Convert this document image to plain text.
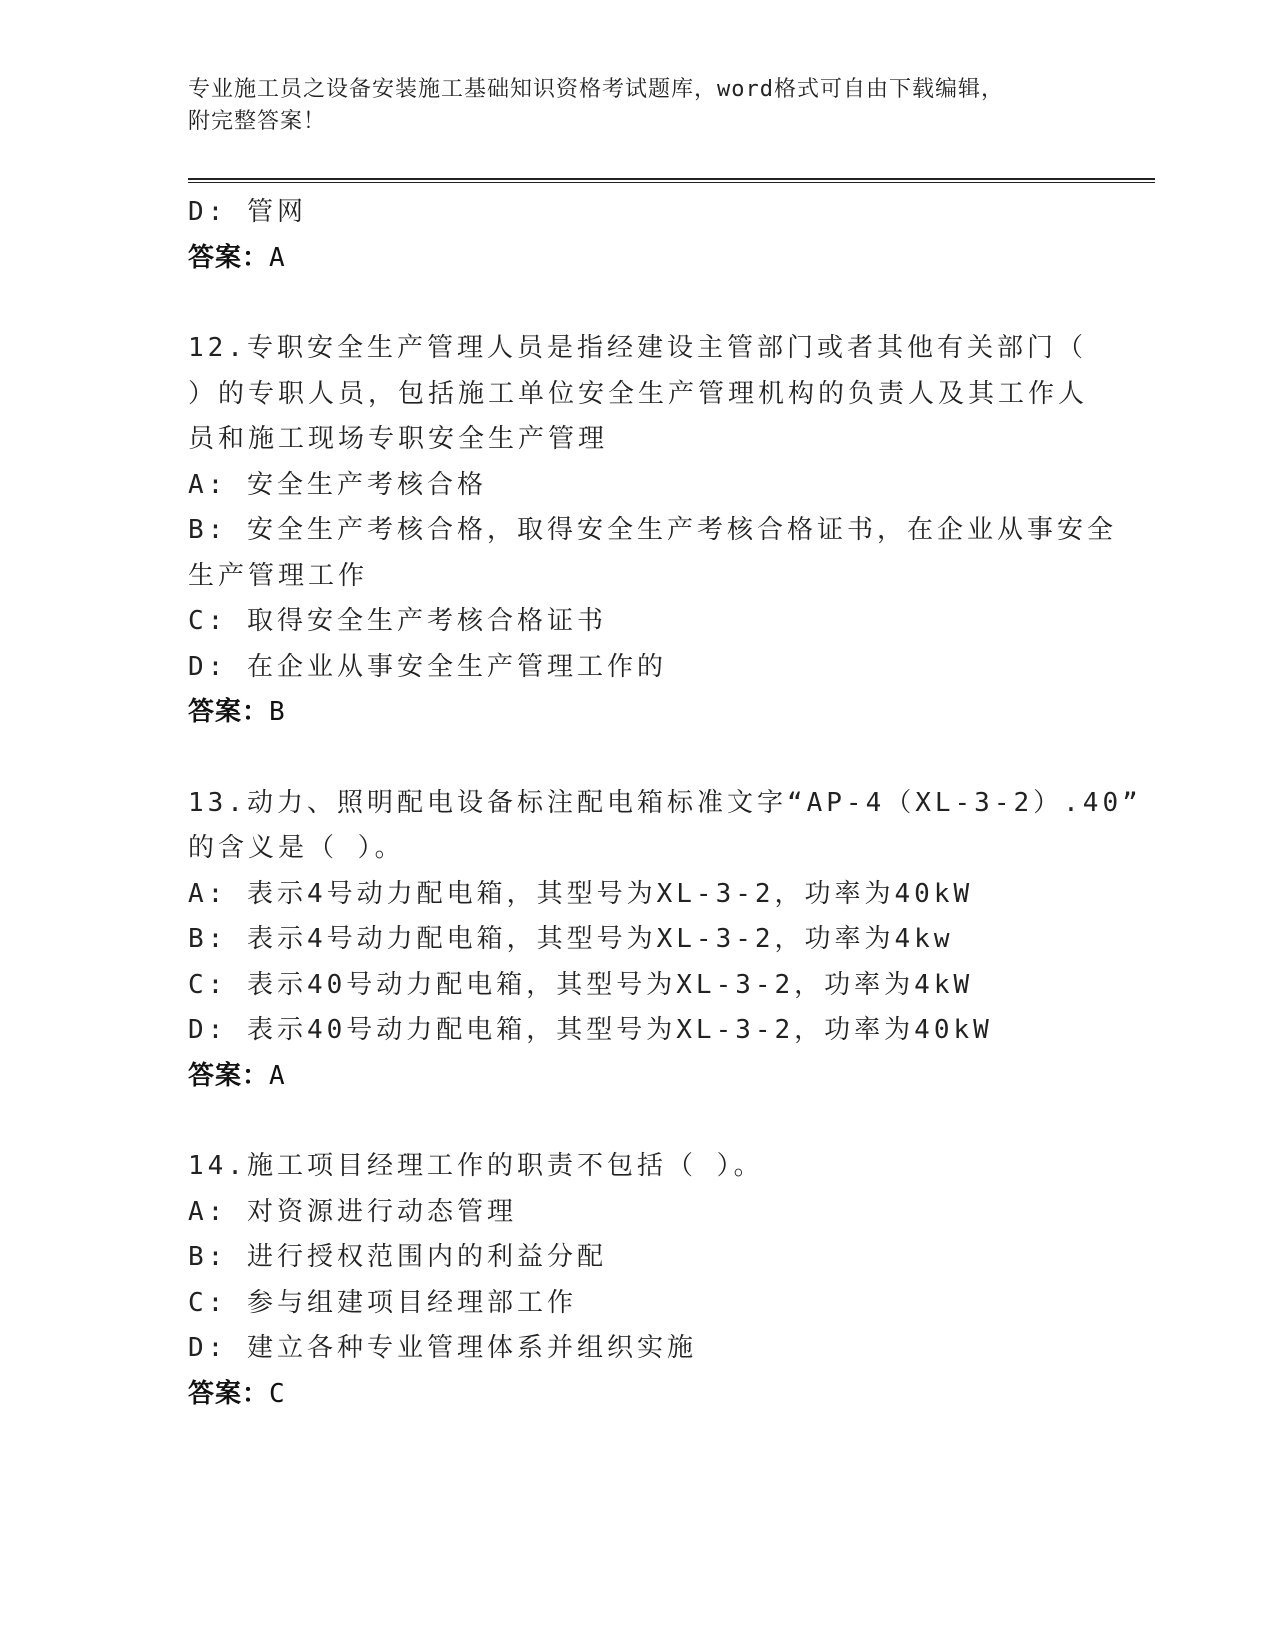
专业施工员之设备安装施工基础知识资格考试题库，word格式可自由下载编辑，
附完整答案！
D: 管网
答案：A
12.专职安全生产管理人员是指经建设主管部门或者其他有关部门（
）的专职人员，包括施工单位安全生产管理机构的负责人及其工作人
员和施工现场专职安全生产管理
A: 安全生产考核合格
B: 安全生产考核合格，取得安全生产考核合格证书，在企业从事安全
生产管理工作
C: 取得安全生产考核合格证书
D: 在企业从事安全生产管理工作的
答案：B
13.动力、照明配电设备标注配电箱标准文字“AP-4（XL-3-2）.40”
的含义是（ ）。
A: 表示4号动力配电箱，其型号为XL-3-2，功率为40kW
B: 表示4号动力配电箱，其型号为XL-3-2，功率为4kw
C: 表示40号动力配电箱，其型号为XL-3-2，功率为4kW
D: 表示40号动力配电箱，其型号为XL-3-2，功率为40kW
答案：A
14.施工项目经理工作的职责不包括（ ）。
A: 对资源进行动态管理
B: 进行授权范围内的利益分配
C: 参与组建项目经理部工作
D: 建立各种专业管理体系并组织实施
答案：C
